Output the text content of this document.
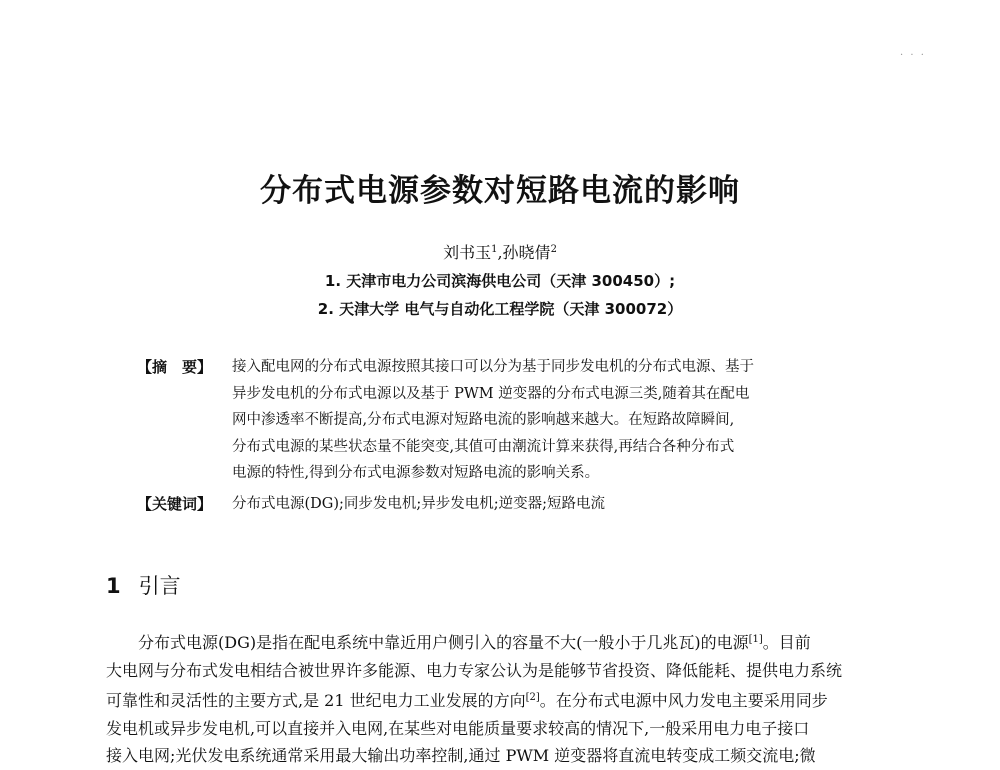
· · ·
分布式电源参数对短路电流的影响
刘书玉$^1$,孙晓倩$^2$
1. 天津市电力公司滨海供电公司（天津 300450）;
2. 天津大学 电气与自动化工程学院（天津 300072）
【摘　要】 接入配电网的分布式电源按照其接口可以分为基于同步发电机的分布式电源、基于
异步发电机的分布式电源以及基于 PWM 逆变器的分布式电源三类,随着其在配电
网中渗透率不断提高,分布式电源对短路电流的影响越来越大。在短路故障瞬间,
分布式电源的某些状态量不能突变,其值可由潮流计算来获得,再结合各种分布式
电源的特性,得到分布式电源参数对短路电流的影响关系。
【关键词】 分布式电源(DG);同步发电机;异步发电机;逆变器;短路电流
1 引言
分布式电源(DG)是指在配电系统中靠近用户侧引入的容量不大(一般小于几兆瓦)的电源[1]。目前
大电网与分布式发电相结合被世界许多能源、电力专家公认为是能够节省投资、降低能耗、提供电力系统
可靠性和灵活性的主要方式,是 21 世纪电力工业发展的方向[2]。在分布式电源中风力发电主要采用同步
发电机或异步发电机,可以直接并入电网,在某些对电能质量要求较高的情况下,一般采用电力电子接口
接入电网;光伏发电系统通常采用最大输出功率控制,通过 PWM 逆变器将直流电转变成工频交流电;微
